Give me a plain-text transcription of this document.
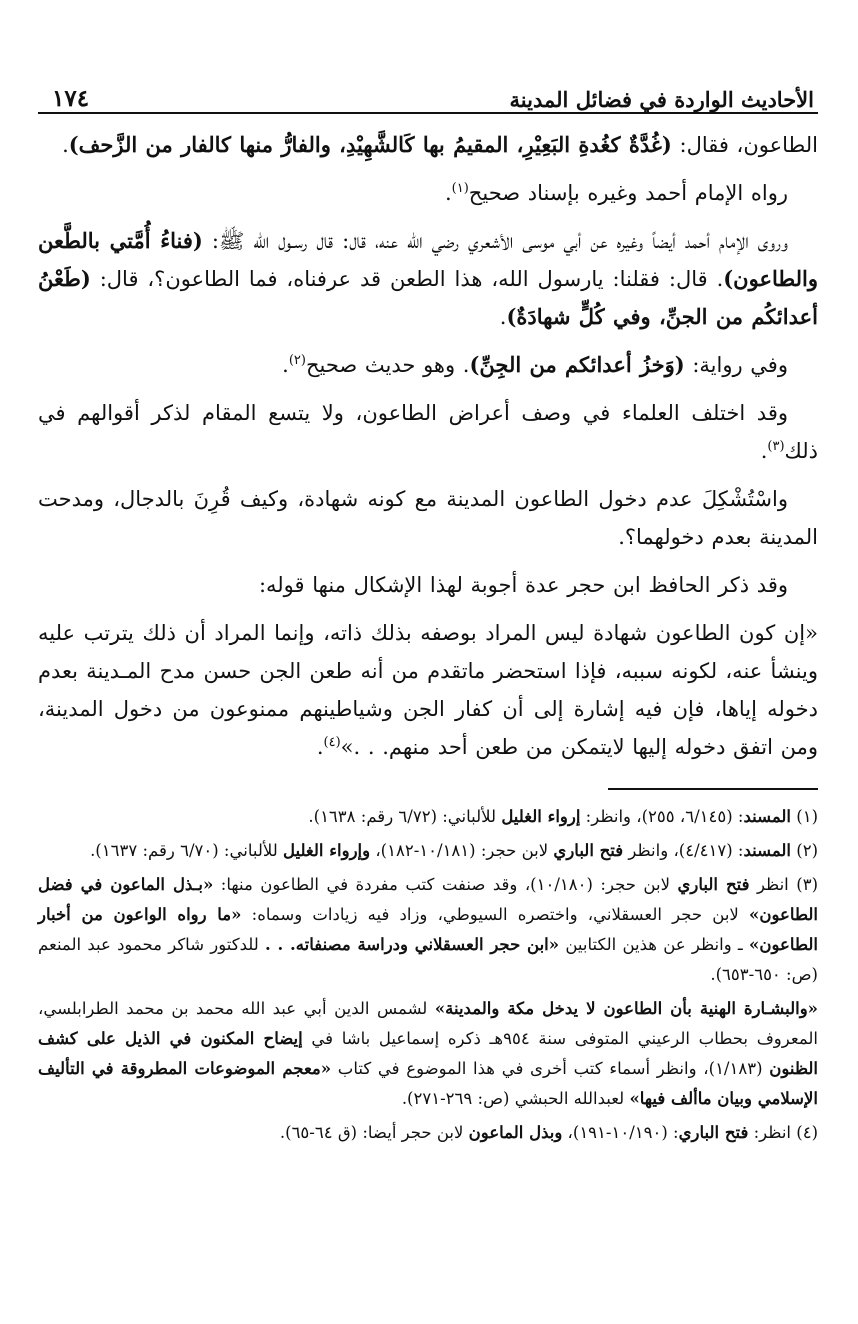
الأحاديث الواردة في فضائل المدينة
١٧٤

الطاعون، فقال: (غُدَّةٌ كغُدةِ البَعِيْرِ، المقيمُ بها كَالشَّهِيْدِ، والفارُّ منها كالفار من الزَّحف).

رواه الإمام أحمد وغيره بإسناد صحيح$^{(١)}$.

وروى الإمام أحمد أيضاً وغيره عن أبي موسى الأشعري رضي الله عنه، قال: قال رسـول الله ﷺ: (فناءُ أُمَّتي بالطَّعن والطاعون). قال: فقلنا: يارسول الله، هذا الطعن قد عرفناه، فما الطاعون؟، قال: (طَعْنُ أعدائكُم من الجنِّ، وفي كُلٍّ شهادَةٌ).

وفي رواية: (وَخزُ أعدائكم من الجِنِّ). وهو حديث صحيح$^{(٢)}$.

وقد اختلف العلماء في وصف أعراض الطاعون، ولا يتسع المقام لذكر أقوالهم في ذلك$^{(٣)}$.

واسْتُشْكِلَ عدم دخول الطاعون المدينة مع كونه شهادة، وكيف قُرِنَ بالدجال، ومدحت المدينة بعدم دخولهما؟.

وقد ذكر الحافظ ابن حجر عدة أجوبة لهذا الإشكال منها قوله:

«إن كون الطاعون شهادة ليس المراد بوصفه بذلك ذاته، وإنما المراد أن ذلك يترتب عليه وينشأ عنه، لكونه سببه، فإذا استحضر ماتقدم من أنه طعن الجن حسن مدح المـدينة بعدم دخوله إياها، فإن فيه إشارة إلى أن كفار الجن وشياطينهم ممنوعون من دخول المدينة، ومن اتفق دخوله إليها لايتمكن من طعن أحد منهم. . .»$^{(٤)}$.

(١) المسند: (٦/١٤٥، ٢٥٥)، وانظر: إرواء الغليل للألباني: (٦/٧٢ رقم: ١٦٣٨).

(٢) المسند: (٤/٤١٧)، وانظر فتح الباري لابن حجر: (١٠/١٨١-١٨٢)، وإرواء الغليل للألباني: (٦/٧٠ رقم: ١٦٣٧).

(٣) انظر فتح الباري لابن حجر: (١٠/١٨٠)، وقد صنفت كتب مفردة في الطاعون منها: «بـذل الماعون في فضل الطاعون» لابن حجر العسقلاني، واختصره السيوطي، وزاد فيه زيادات وسماه: «ما رواه الواعون من أخبار الطاعون» ـ وانظر عن هذين الكتابين «ابن حجر العسقلاني ودراسة مصنفاته. . . للدكتور شاكر محمود عبد المنعم (ص: ٦٥٠-٦٥٣).

«والبشـارة الهنية بأن الطاعون لا يدخل مكة والمدينة» لشمس الدين أبي عبد الله محمد بن محمد الطرابلسي، المعروف بحطاب الرعيني المتوفى سنة ٩٥٤هـ ذكره إسماعيل باشا في إيضاح المكنون في الذيل على كشف الظنون (١/١٨٣)، وانظر أسماء كتب أخرى في هذا الموضوع في كتاب «معجم الموضوعات المطروقة في التأليف الإسلامي وبيان ماألف فيها» لعبدالله الحبشي (ص: ٢٦٩-٢٧١).

(٤) انظر: فتح الباري: (١٠/١٩٠-١٩١)، وبذل الماعون لابن حجر أيضا: (ق ٦٤-٦٥).
